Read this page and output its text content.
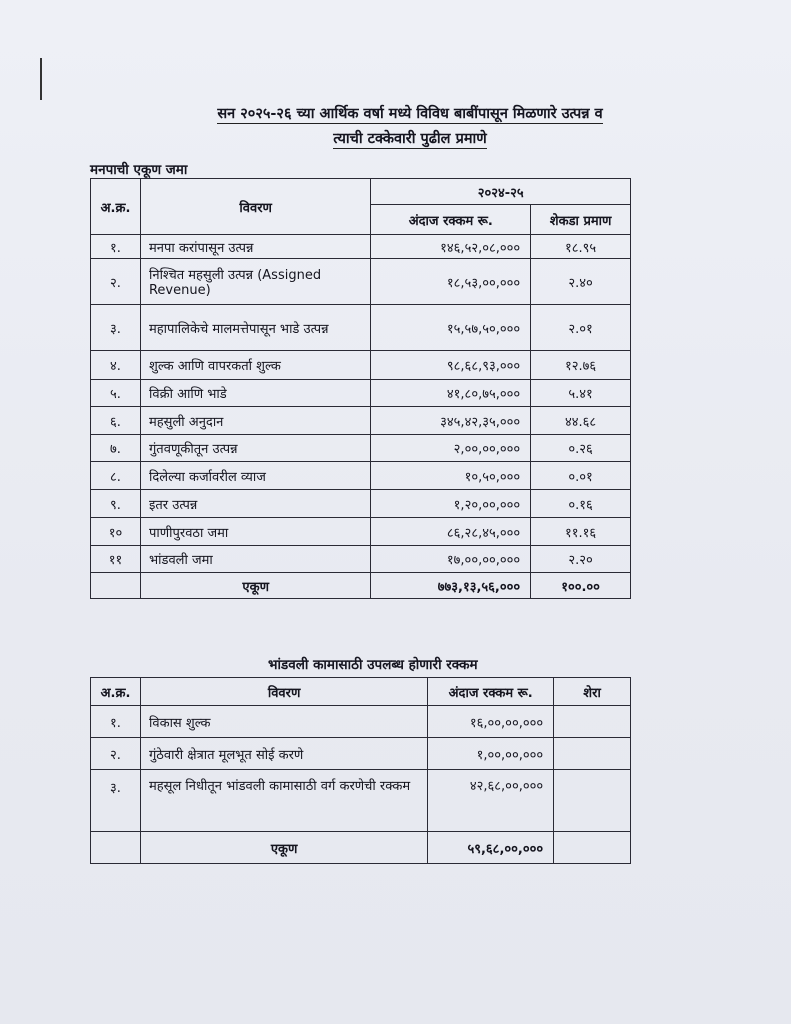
सन २०२५-२६ च्या आर्थिक वर्षा मध्ये विविध बाबींपासून मिळणारे उत्पन्न व
त्याची टक्केवारी पुढील प्रमाणे
मनपाची एकूण जमा
अ.क्र.	विवरण	२०२४-२५	
		अंदाज रक्कम रू.	शेकडा प्रमाण
१.	मनपा करांपासून उत्पन्न	१४६,५२,०८,०००	१८.९५
२.	निश्चित महसुली उत्पन्न (Assigned Revenue)	१८,५३,००,०००	२.४०
३.	महापालिकेचे मालमत्तेपासून भाडे उत्पन्न	१५,५७,५०,०००	२.०१
४.	शुल्क आणि वापरकर्ता शुल्क	९८,६८,९३,०००	१२.७६
५.	विक्री आणि भाडे	४१,८०,७५,०००	५.४१
६.	महसुली अनुदान	३४५,४२,३५,०००	४४.६८
७.	गुंतवणूकीतून उत्पन्न	२,००,००,०००	०.२६
८.	दिलेल्या कर्जावरील व्याज	१०,५०,०००	०.०१
९.	इतर उत्पन्न	१,२०,००,०००	०.१६
१०	पाणीपुरवठा जमा	८६,२८,४५,०००	११.१६
११	भांडवली जमा	१७,००,००,०००	२.२०
	एकूण	७७३,१३,५६,०००	१००.००
भांडवली कामासाठी उपलब्ध होणारी रक्कम
अ.क्र.	विवरण	अंदाज रक्कम रू.	शेरा
१.	विकास शुल्क	१६,००,००,०००	
२.	गुंठेवारी क्षेत्रात मूलभूत सोई करणे	१,००,००,०००	
३.	महसूल निधीतून भांडवली कामासाठी वर्ग करणेची रक्कम	४२,६८,००,०००	
	एकूण	५९,६८,००,०००	
